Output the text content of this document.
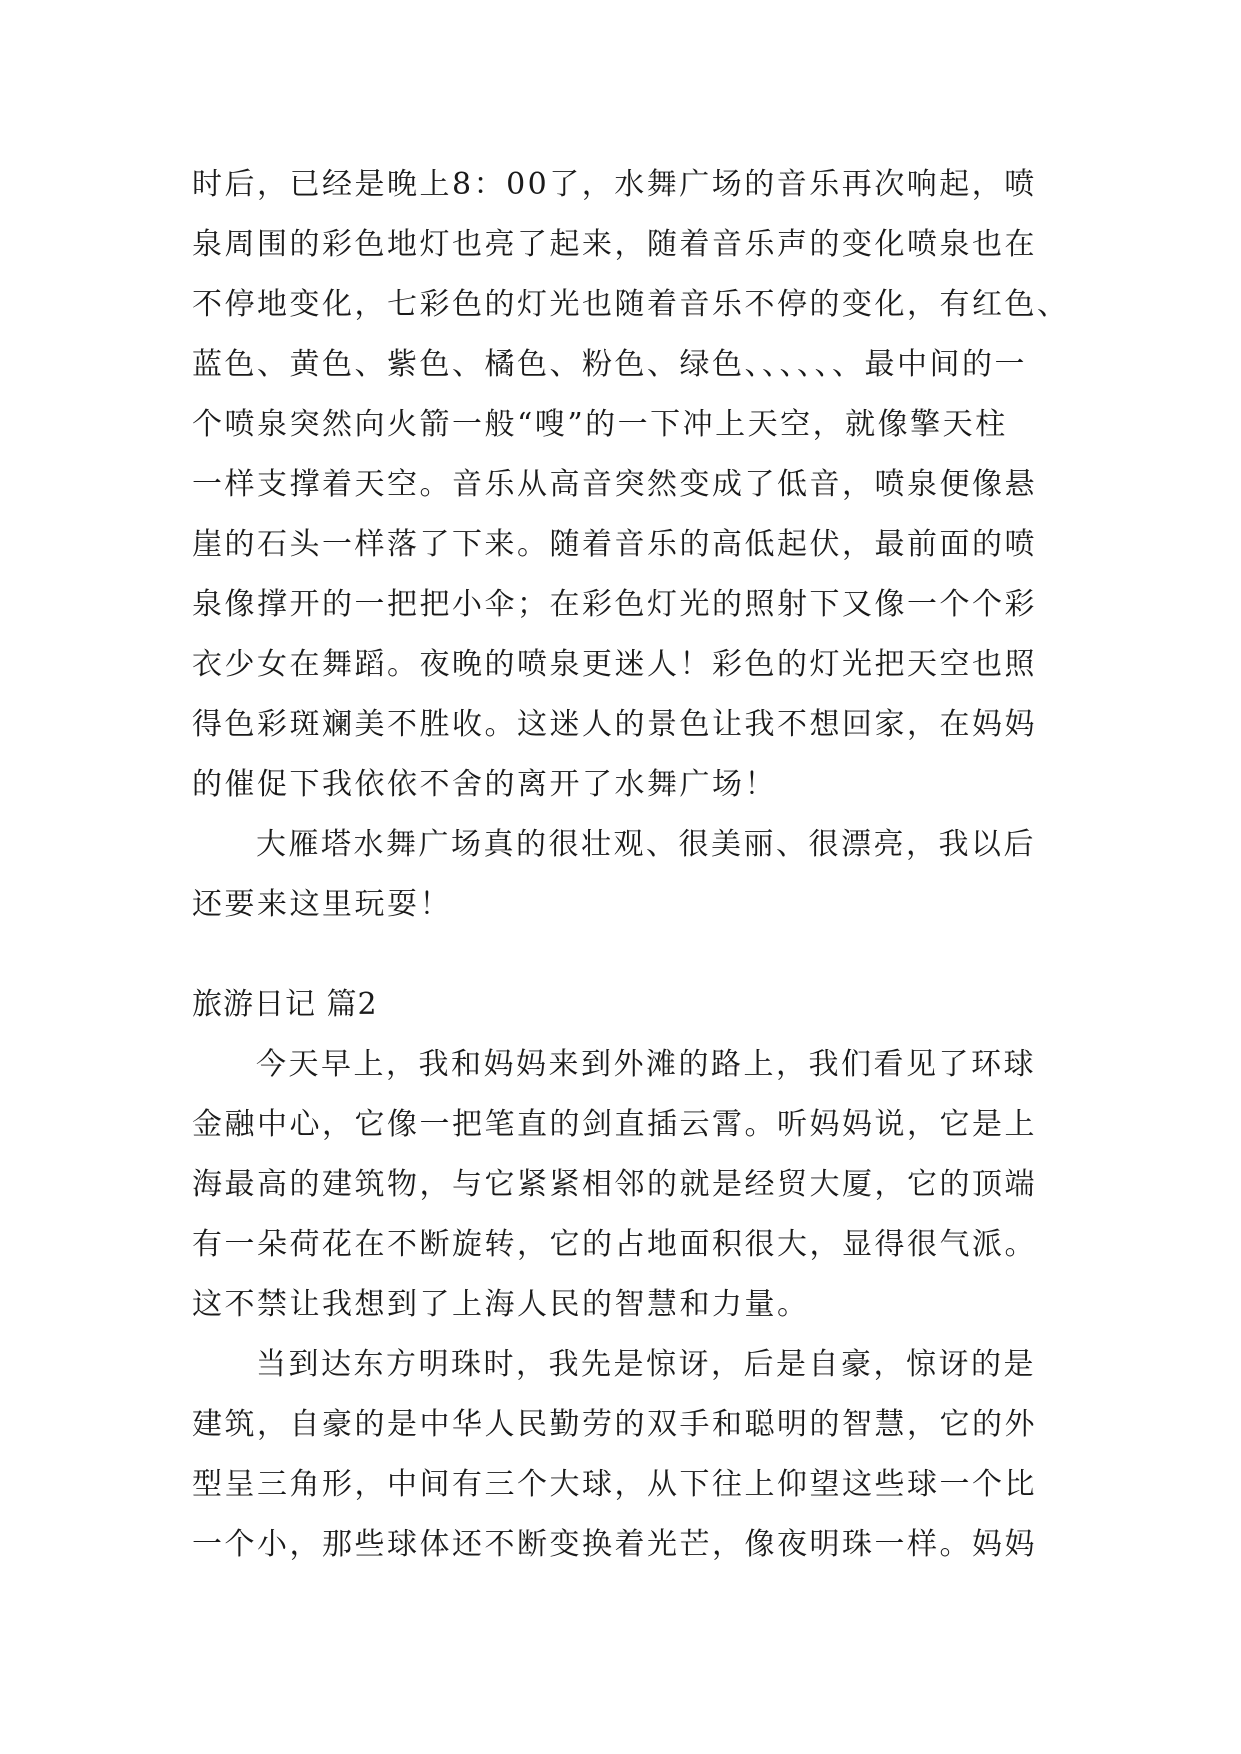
时后，已经是晚上8：00了，水舞广场的音乐再次响起，喷
泉周围的彩色地灯也亮了起来，随着音乐声的变化喷泉也在
不停地变化，七彩色的灯光也随着音乐不停的变化，有红色、
蓝色、黄色、紫色、橘色、粉色、绿色、、、、、、最中间的一
个喷泉突然向火箭一般“嗖”的一下冲上天空，就像擎天柱
一样支撑着天空。音乐从高音突然变成了低音，喷泉便像悬
崖的石头一样落了下来。随着音乐的高低起伏，最前面的喷
泉像撑开的一把把小伞；在彩色灯光的照射下又像一个个彩
衣少女在舞蹈。夜晚的喷泉更迷人！彩色的灯光把天空也照
得色彩斑斓美不胜收。这迷人的景色让我不想回家，在妈妈
的催促下我依依不舍的离开了水舞广场！
大雁塔水舞广场真的很壮观、很美丽、很漂亮，我以后
还要来这里玩耍！
旅游日记 篇2
今天早上，我和妈妈来到外滩的路上，我们看见了环球
金融中心，它像一把笔直的剑直插云霄。听妈妈说，它是上
海最高的建筑物，与它紧紧相邻的就是经贸大厦，它的顶端
有一朵荷花在不断旋转，它的占地面积很大，显得很气派。
这不禁让我想到了上海人民的智慧和力量。
当到达东方明珠时，我先是惊讶，后是自豪，惊讶的是
建筑，自豪的是中华人民勤劳的双手和聪明的智慧，它的外
型呈三角形，中间有三个大球，从下往上仰望这些球一个比
一个小，那些球体还不断变换着光芒，像夜明珠一样。妈妈
